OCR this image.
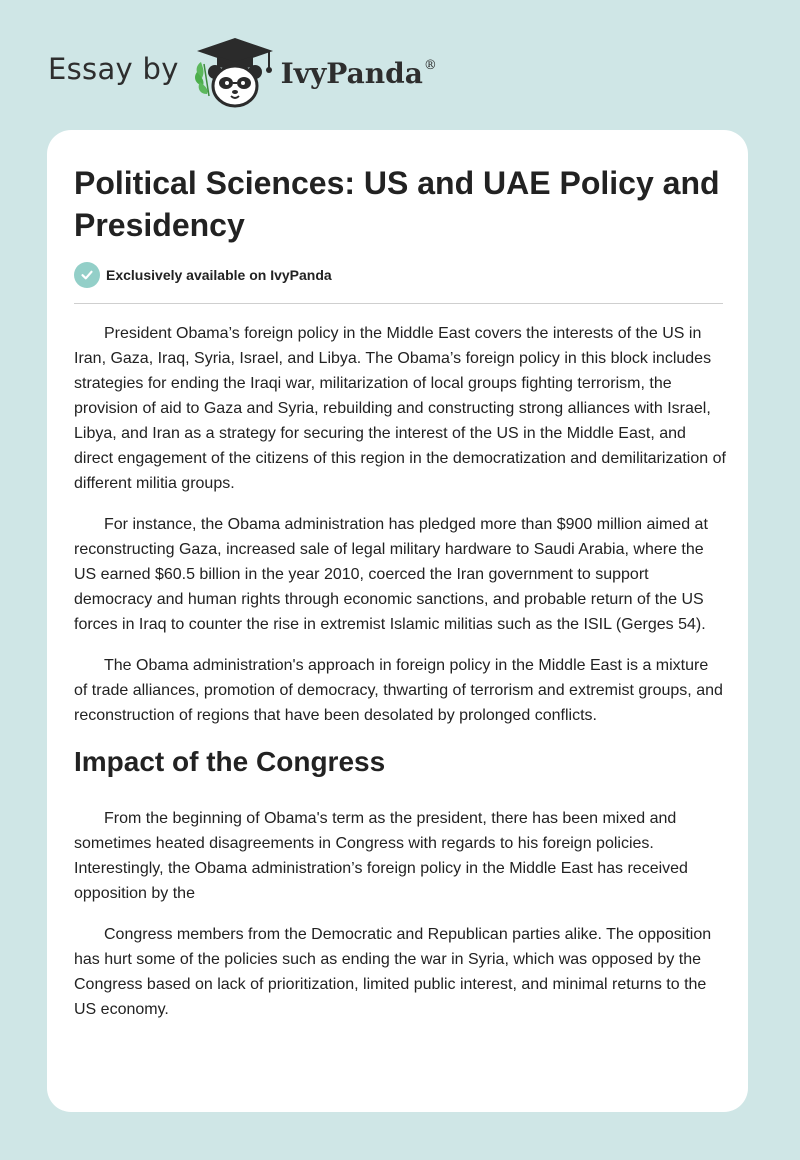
Essay by	IvyPanda®
Political Sciences: US and UAE Policy and Presidency
Exclusively available on IvyPanda

President Obama’s foreign policy in the Middle East covers the interests of the US in Iran, Gaza, Iraq, Syria, Israel, and Libya. The Obama’s foreign policy in this block includes strategies for ending the Iraqi war, militarization of local groups fighting terrorism, the provision of aid to Gaza and Syria, rebuilding and constructing strong alliances with Israel, Libya, and Iran as a strategy for securing the interest of the US in the Middle East, and direct engagement of the citizens of this region in the democratization and demilitarization of different militia groups.

For instance, the Obama administration has pledged more than $900 million aimed at reconstructing Gaza, increased sale of legal military hardware to Saudi Arabia, where the US earned $60.5 billion in the year 2010, coerced the Iran government to support democracy and human rights through economic sanctions, and probable return of the US forces in Iraq to counter the rise in extremist Islamic militias such as the ISIL (Gerges 54).

The Obama administration's approach in foreign policy in the Middle East is a mixture of trade alliances, promotion of democracy, thwarting of terrorism and extremist groups, and reconstruction of regions that have been desolated by prolonged conflicts.

Impact of the Congress

From the beginning of Obama's term as the president, there has been mixed and sometimes heated disagreements in Congress with regards to his foreign policies. Interestingly, the Obama administration’s foreign policy in the Middle East has received opposition by the

Congress members from the Democratic and Republican parties alike. The opposition has hurt some of the policies such as ending the war in Syria, which was opposed by the Congress based on lack of prioritization, limited public interest, and minimal returns to the US economy.
